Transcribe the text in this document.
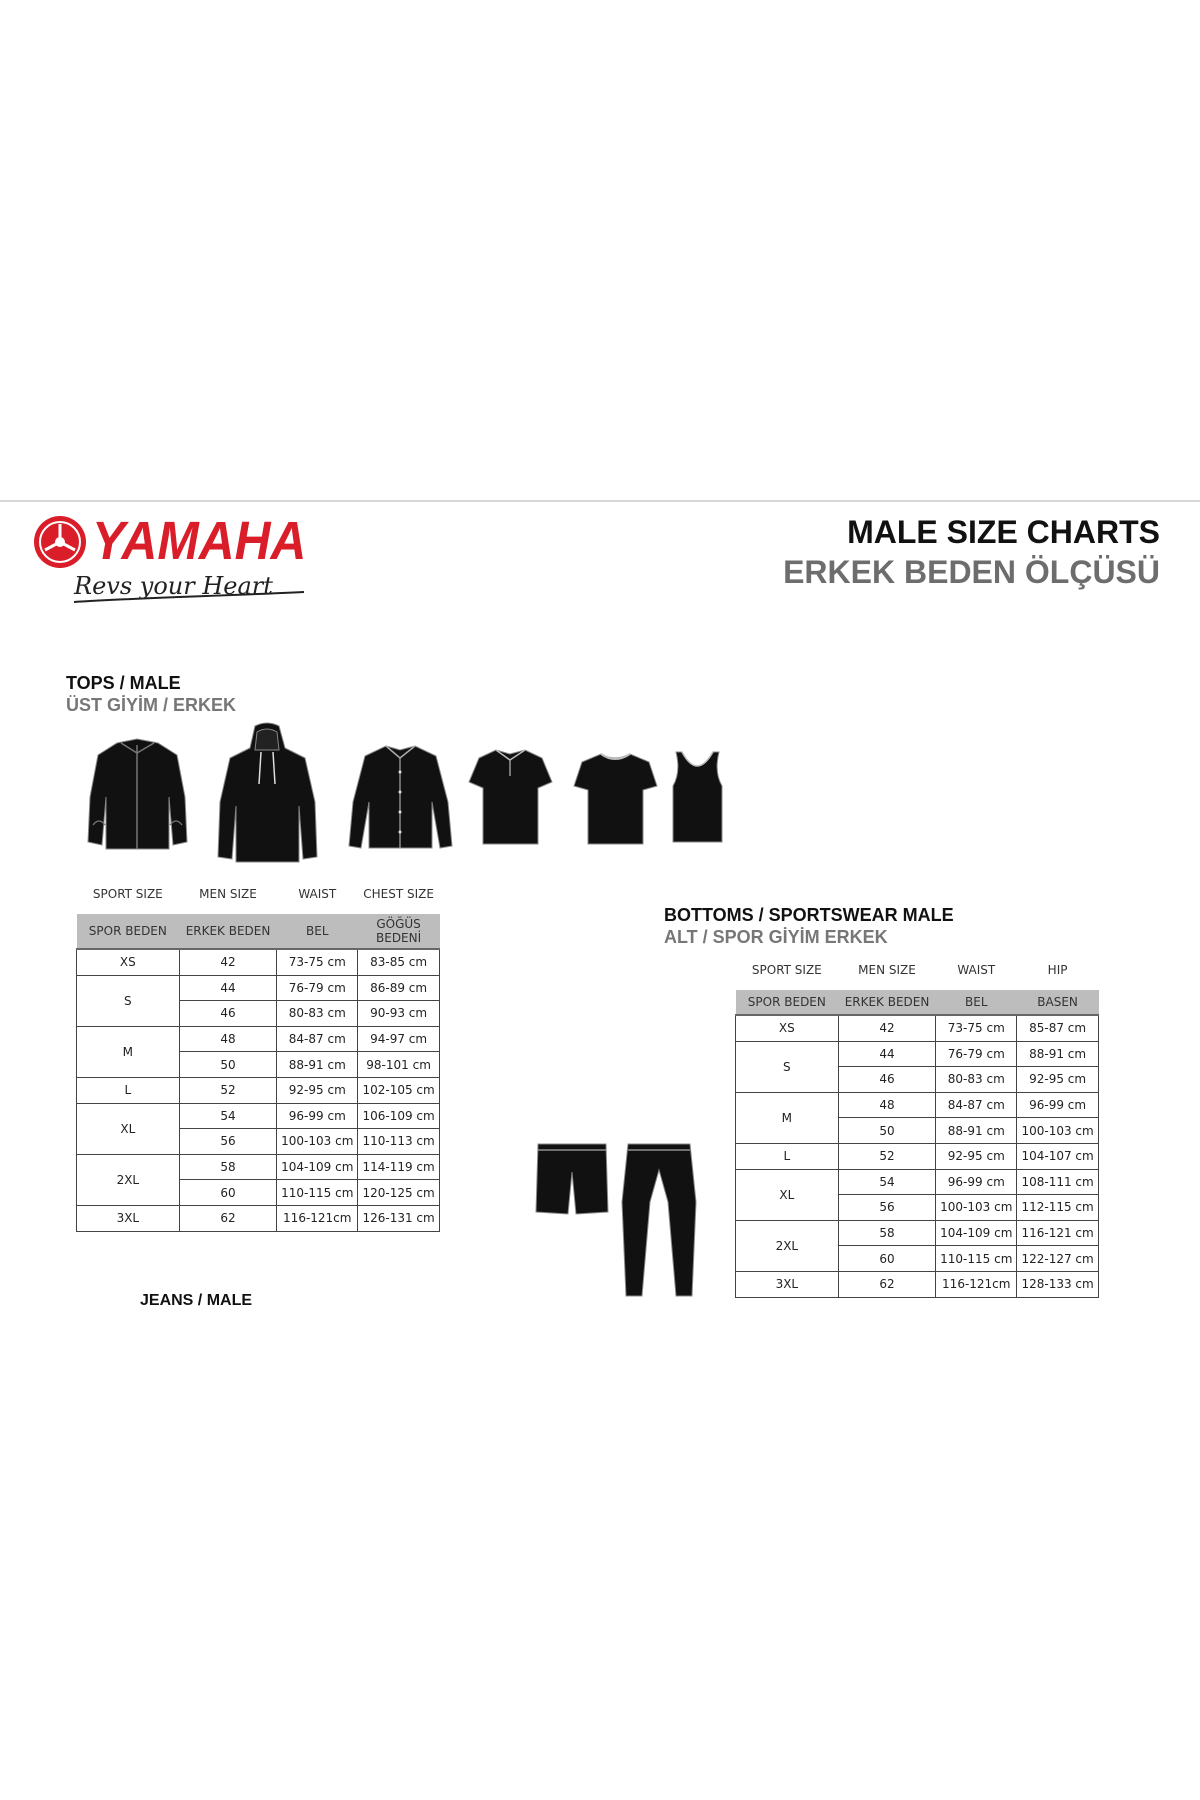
YAMAHA
Revs your Heart
MALE SIZE CHARTS
ERKEK BEDEN ÖLÇÜSÜ
TOPS / MALE
ÜST GİYİM / ERKEK
SPORT SIZE	MEN SIZE	WAIST	CHEST SIZE
SPOR BEDEN	ERKEK BEDEN	BEL	GÖĞÜS BEDENİ
XS	42	73-75 cm	83-85 cm
S	44	76-79 cm	86-89 cm
	46	80-83 cm	90-93 cm
M	48	84-87 cm	94-97 cm
	50	88-91 cm	98-101 cm
L	52	92-95 cm	102-105 cm
XL	54	96-99 cm	106-109 cm
	56	100-103 cm	110-113 cm
2XL	58	104-109 cm	114-119 cm
	60	110-115 cm	120-125 cm
3XL	62	116-121cm	126-131 cm
JEANS / MALE
BOTTOMS / SPORTSWEAR MALE
ALT / SPOR GİYİM ERKEK
SPORT SIZE	MEN SIZE	WAIST	HIP
SPOR BEDEN	ERKEK BEDEN	BEL	BASEN
XS	42	73-75 cm	85-87 cm
S	44	76-79 cm	88-91 cm
	46	80-83 cm	92-95 cm
M	48	84-87 cm	96-99 cm
	50	88-91 cm	100-103 cm
L	52	92-95 cm	104-107 cm
XL	54	96-99 cm	108-111 cm
	56	100-103 cm	112-115 cm
2XL	58	104-109 cm	116-121 cm
	60	110-115 cm	122-127 cm
3XL	62	116-121cm	128-133 cm
